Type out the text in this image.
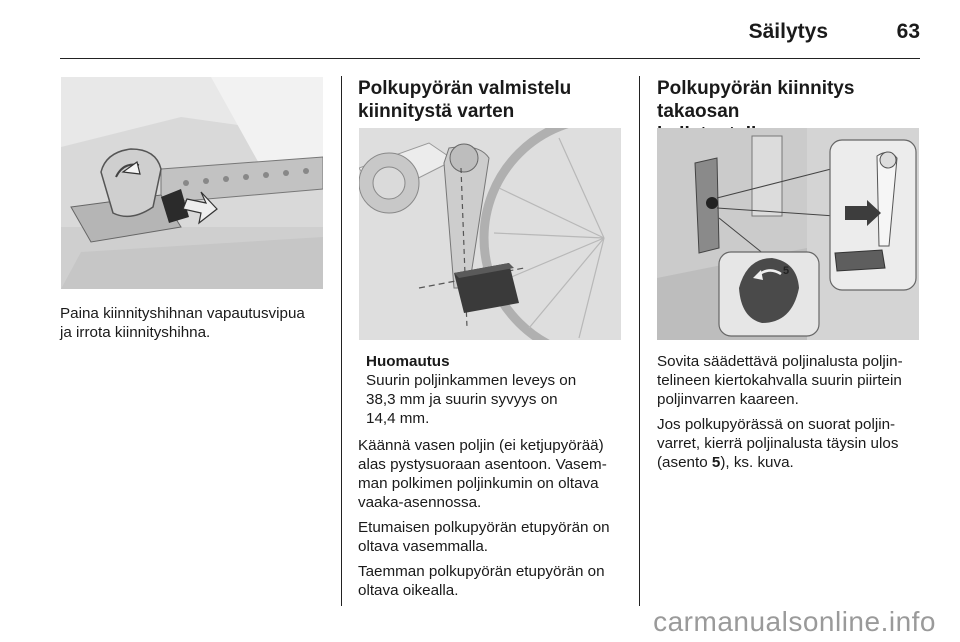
Säilytys	63

Paina kiinnityshihnan vapautusvipua
ja irrota kiinnityshihna.

Polkupyörän valmistelu
kiinnitystä varten
Huomautus
Suurin poljinkammen leveys on
38,3 mm ja suurin syvyys on
14,4 mm.

Käännä vasen poljin (ei ketjupyörää)
alas pystysuoraan asentoon. Vasem-
man polkimen poljinkumin on oltava
vaaka-asennossa.

Etumaisen polkupyörän etupyörän on
oltava vasemmalla.

Taemman polkupyörän etupyörän on
oltava oikealla.

Polkupyörän kiinnitys takaosan

5

Sovita säädettävä poljinalusta poljin-
telineen kiertokahvalla suurin piirtein
poljinvarren kaareen.

Jos polkupyörässä on suorat poljin-
varret, kierrä poljinalusta täysin ulos
(asento 5), ks. kuva.

carmanualsonline.info
